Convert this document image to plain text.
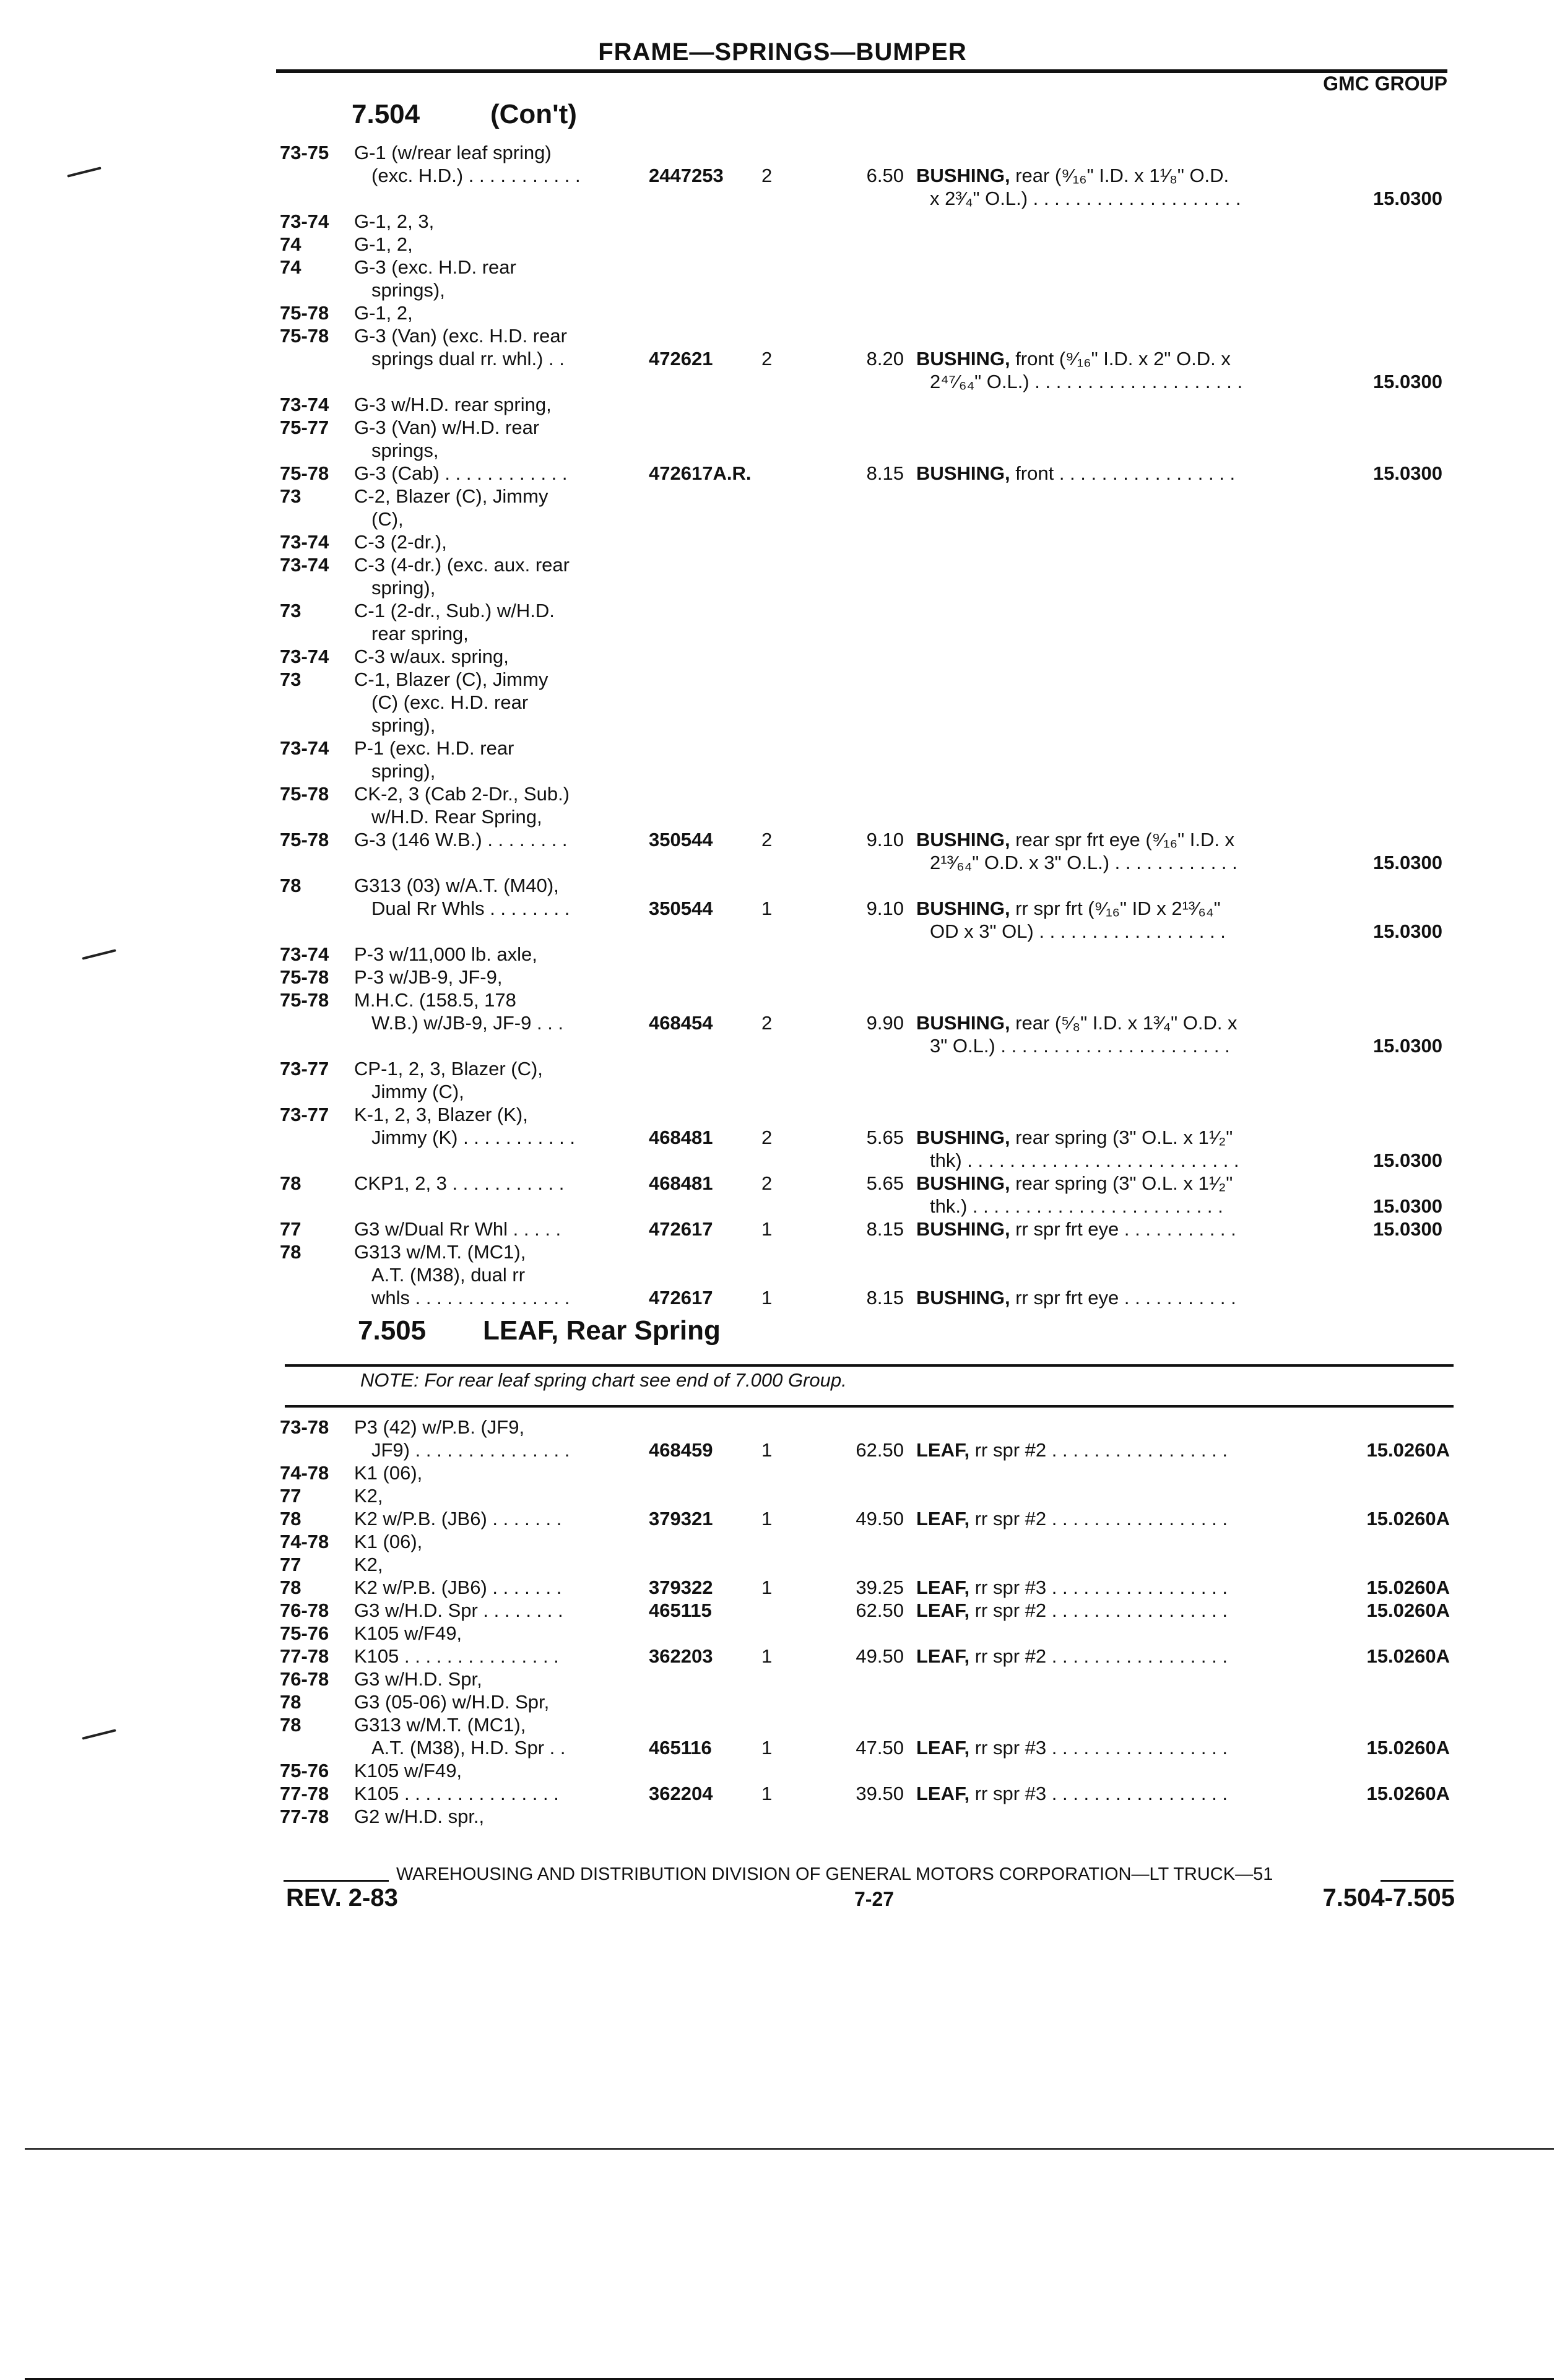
FRAME—SPRINGS—BUMPER
GMC GROUP
7.504	(Con't)
73-75 G-1 (w/rear leaf spring)
(exc. H.D.) . . . . . . . . . . .	2447253 2	6.50 BUSHING, rear (⁹⁄₁₆" I.D. x 1¹⁄₈" O.D.
x 2³⁄₄" O.L.) . . . . . . . . . . . . . . . . . . . .	15.0300
73-74 G-1, 2, 3,
74	G-1, 2,
74	G-3 (exc. H.D. rear
springs),
75-78 G-1, 2,
75-78 G-3 (Van) (exc. H.D. rear
springs dual rr. whl.) . .	472621	2	8.20 BUSHING, front (⁹⁄₁₆" I.D. x 2" O.D. x
2⁴⁷⁄₆₄" O.L.) . . . . . . . . . . . . . . . . . . . .	15.0300
73-74 G-3 w/H.D. rear spring,
75-77 G-3 (Van) w/H.D. rear
springs,
75-78 G-3 (Cab) . . . . . . . . . . . .	472617A.R.	8.15 BUSHING, front . . . . . . . . . . . . . . . . .	15.0300
73	C-2, Blazer (C), Jimmy
(C),
73-74 C-3 (2-dr.),
73-74 C-3 (4-dr.) (exc. aux. rear
spring),
73	C-1 (2-dr., Sub.) w/H.D.
rear spring,
73-74 C-3 w/aux. spring,
73	C-1, Blazer (C), Jimmy
(C) (exc. H.D. rear
spring),
73-74 P-1 (exc. H.D. rear
spring),
75-78 CK-2, 3 (Cab 2-Dr., Sub.)
w/H.D. Rear Spring,
75-78 G-3 (146 W.B.) . . . . . . . .	350544	2	9.10 BUSHING, rear spr frt eye (⁹⁄₁₆" I.D. x
2¹³⁄₆₄" O.D. x 3" O.L.) . . . . . . . . . . . .	15.0300
78	G313 (03) w/A.T. (M40),
Dual Rr Whls . . . . . . . .	350544	1	9.10 BUSHING, rr spr frt (⁹⁄₁₆" ID x 2¹³⁄₆₄"
OD x 3" OL) . . . . . . . . . . . . . . . . . .	15.0300
73-74 P-3 w/11,000 lb. axle,
75-78 P-3 w/JB-9, JF-9,
75-78 M.H.C. (158.5, 178
W.B.) w/JB-9, JF-9 . . .	468454	2	9.90 BUSHING, rear (⁵⁄₈" I.D. x 1³⁄₄" O.D. x
3" O.L.) . . . . . . . . . . . . . . . . . . . . . .	15.0300
73-77 CP-1, 2, 3, Blazer (C),
Jimmy (C),
73-77 K-1, 2, 3, Blazer (K),
Jimmy (K) . . . . . . . . . . .	468481	2	5.65 BUSHING, rear spring (3" O.L. x 1¹⁄₂"
thk) . . . . . . . . . . . . . . . . . . . . . . . . . .	15.0300
78	CKP1, 2, 3 . . . . . . . . . . .	468481	2	5.65 BUSHING, rear spring (3" O.L. x 1¹⁄₂"
thk.) . . . . . . . . . . . . . . . . . . . . . . . .	15.0300
77	G3 w/Dual Rr Whl . . . . .	472617	1	8.15 BUSHING, rr spr frt eye . . . . . . . . . . .	15.0300
78	G313 w/M.T. (MC1),
A.T. (M38), dual rr
whls . . . . . . . . . . . . . . .	472617	1	8.15 BUSHING, rr spr frt eye . . . . . . . . . . .
7.505 LEAF, Rear Spring
NOTE: For rear leaf spring chart see end of 7.000 Group.
73-78 P3 (42) w/P.B. (JF9,
JF9) . . . . . . . . . . . . . . .	468459	1	62.50 LEAF, rr spr #2 . . . . . . . . . . . . . . . . .	15.0260A
74-78 K1 (06),
77	K2,
78	K2 w/P.B. (JB6) . . . . . . .	379321	1	49.50 LEAF, rr spr #2 . . . . . . . . . . . . . . . . .	15.0260A
74-78 K1 (06),
77	K2,
78	K2 w/P.B. (JB6) . . . . . . .	379322	1	39.25 LEAF, rr spr #3 . . . . . . . . . . . . . . . . .	15.0260A
76-78 G3 w/H.D. Spr . . . . . . . .	465115	62.50 LEAF, rr spr #2 . . . . . . . . . . . . . . . . .	15.0260A
75-76 K105 w/F49,
77-78 K105 . . . . . . . . . . . . . . .	362203	1	49.50 LEAF, rr spr #2 . . . . . . . . . . . . . . . . .	15.0260A
76-78 G3 w/H.D. Spr,
78	G3 (05-06) w/H.D. Spr,
78	G313 w/M.T. (MC1),
A.T. (M38), H.D. Spr . .	465116	1	47.50 LEAF, rr spr #3 . . . . . . . . . . . . . . . . .	15.0260A
75-76 K105 w/F49,
77-78 K105 . . . . . . . . . . . . . . .	362204	1	39.50 LEAF, rr spr #3 . . . . . . . . . . . . . . . . .	15.0260A
77-78 G2 w/H.D. spr.,
WAREHOUSING AND DISTRIBUTION DIVISION OF GENERAL MOTORS CORPORATION—LT TRUCK—51
REV. 2-83	7-27	7.504-7.505
